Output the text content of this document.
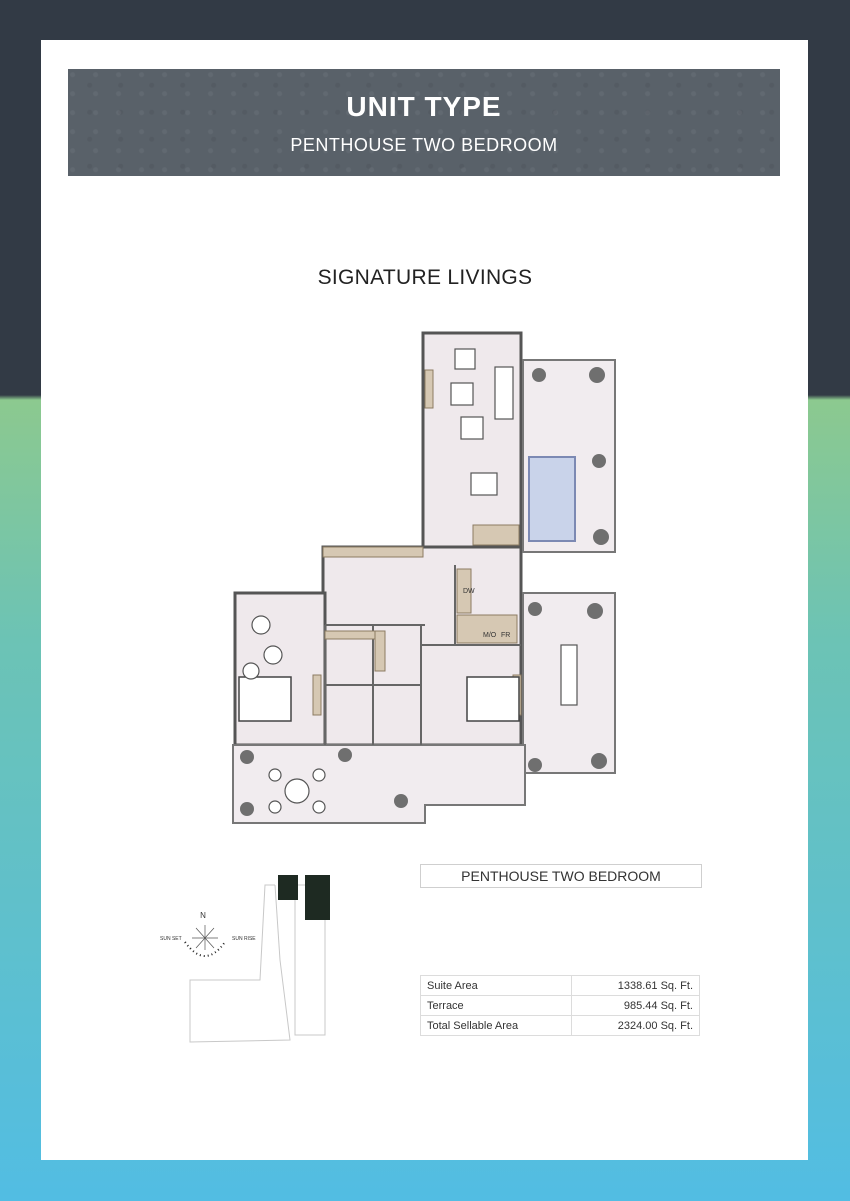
UNIT TYPE
PENTHOUSE TWO BEDROOM
SIGNATURE LIVINGS
DW
M/O FR
PENTHOUSE TWO BEDROOM
N
SUN SET	SUN RISE
Suite Area	1338.61 Sq. Ft.
Terrace	985.44 Sq. Ft.
Total Sellable Area	2324.00 Sq. Ft.
